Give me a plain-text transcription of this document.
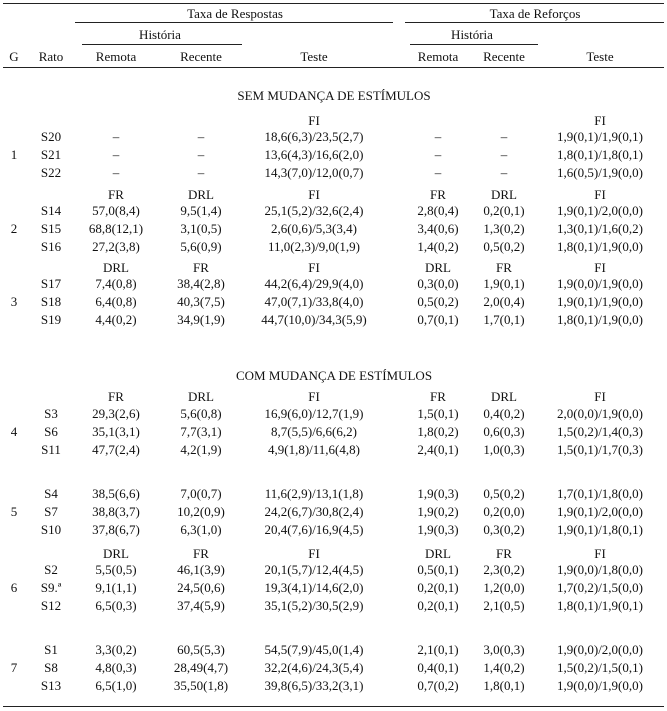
Taxa de Respostas	Taxa de Reforços
História	História
G Rato	Remota	Recente	Teste	Remota Recente	Teste
SEM MUDANÇA DE ESTÍMULOS
FI	FI
1
S20	–	–	18,6(6,3)/23,5(2,7)	–	–	1,9(0,1)/1,9(0,1)
S21	–	–	13,6(4,3)/16,6(2,0)	–	–	1,8(0,1)/1,8(0,1)
S22	–	–	14,3(7,0)/12,0(0,7)	–	–	1,6(0,5)/1,9(0,0)
FR	DRL	FI	FR	DRL	FI
2
S14 57,0(8,4)	9,5(1,4)	25,1(5,2)/32,6(2,4)	2,8(0,4) 0,2(0,1) 1,9(0,1)/2,0(0,0)
S15 68,8(12,1)	3,1(0,5)	2,6(0,6)/5,3(3,4)	3,4(0,6) 1,3(0,2) 1,3(0,1)/1,6(0,2)
S16 27,2(3,8)	5,6(0,9)	11,0(2,3)/9,0(1,9)	1,4(0,2) 0,5(0,2) 1,8(0,1)/1,9(0,0)
DRL	FR	FI	DRL	FR	FI
3
S17	7,4(0,8)	38,4(2,8)	44,2(6,4)/29,9(4,0)	0,3(0,0) 1,9(0,1) 1,9(0,0)/1,9(0,0)
S18	6,4(0,8)	40,3(7,5)	47,0(7,1)/33,8(4,0)	0,5(0,2) 2,0(0,4) 1,9(0,1)/1,9(0,0)
S19	4,4(0,2)	34,9(1,9)	44,7(10,0)/34,3(5,9)	0,7(0,1) 1,7(0,1) 1,8(0,1)/1,9(0,0)
COM MUDANÇA DE ESTÍMULOS
FR	DRL	FI	FR	DRL	FI
4
S3	29,3(2,6)	5,6(0,8)	16,9(6,0)/12,7(1,9)	1,5(0,1) 0,4(0,2) 2,0(0,0)/1,9(0,0)
S6	35,1(3,1)	7,7(3,1)	8,7(5,5)/6,6(6,2)	1,8(0,2) 0,6(0,3) 1,5(0,2)/1,4(0,3)
S11 47,7(2,4)	4,2(1,9)	4,9(1,8)/11,6(4,8)	2,4(0,1) 1,0(0,3) 1,5(0,1)/1,7(0,3)
5
S4	38,5(6,6)	7,0(0,7)	11,6(2,9)/13,1(1,8)	1,9(0,3) 0,5(0,2) 1,7(0,1)/1,8(0,0)
S7	38,8(3,7)	10,2(0,9)	24,2(6,7)/30,8(2,4)	1,9(0,2) 0,2(0,0) 1,9(0,1)/2,0(0,0)
S10 37,8(6,7)	6,3(1,0)	20,4(7,6)/16,9(4,5)	1,9(0,3) 0,3(0,2) 1,9(0,1)/1,8(0,1)
DRL	FR	FI	DRL	FR	FI
6
S2	5,5(0,5)	46,1(3,9)	20,1(5,7)/12,4(4,5)	0,5(0,1) 2,3(0,2) 1,9(0,0)/1,8(0,0)
S9.ª	9,1(1,1)	24,5(0,6)	19,3(4,1)/14,6(2,0)	0,2(0,1) 1,2(0,0) 1,7(0,2)/1,5(0,0)
S12	6,5(0,3)	37,4(5,9)	35,1(5,2)/30,5(2,9)	0,2(0,1) 2,1(0,5) 1,8(0,1)/1,9(0,1)
7
S1	3,3(0,2)	60,5(5,3)	54,5(7,9)/45,0(1,4)	2,1(0,1) 3,0(0,3) 1,9(0,0)/2,0(0,0)
S8	4,8(0,3)	28,49(4,7)	32,2(4,6)/24,3(5,4)	0,4(0,1) 1,4(0,2) 1,5(0,2)/1,5(0,1)
S13	6,5(1,0)	35,50(1,8)	39,8(6,5)/33,2(3,1)	0,7(0,2) 1,8(0,1) 1,9(0,0)/1,9(0,0)
